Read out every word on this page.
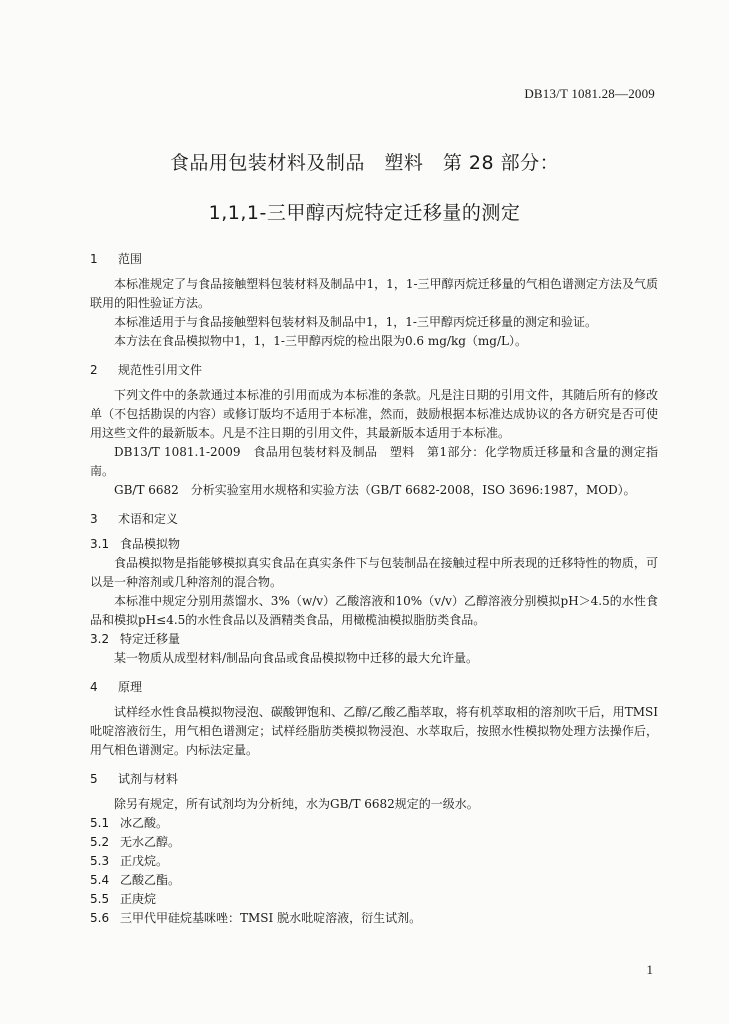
DB13/T 1081.28—2009
食品用包装材料及制品　塑料　第 28 部分：
1,1,1-三甲醇丙烷特定迁移量的测定
1	范围

本标准规定了与食品接触塑料包装材料及制品中1，1，1-三甲醇丙烷迁移量的气相色谱测定方法及气质联用的阳性验证方法。

本标准适用于与食品接触塑料包装材料及制品中1，1，1-三甲醇丙烷迁移量的测定和验证。

本方法在食品模拟物中1，1，1-三甲醇丙烷的检出限为0.6 mg/kg（mg/L）。

2	规范性引用文件

下列文件中的条款通过本标准的引用而成为本标准的条款。凡是注日期的引用文件，其随后所有的修改单（不包括勘误的内容）或修订版均不适用于本标准，然而，鼓励根据本标准达成协议的各方研究是否可使用这些文件的最新版本。凡是不注日期的引用文件，其最新版本适用于本标准。

DB13/T 1081.1-2009　食品用包装材料及制品　塑料　第1部分：化学物质迁移量和含量的测定指南。

GB/T 6682　分析实验室用水规格和实验方法（GB/T 6682-2008，ISO 3696:1987，MOD）。

3	术语和定义
3.1 食品模拟物

食品模拟物是指能够模拟真实食品在真实条件下与包装制品在接触过程中所表现的迁移特性的物质，可以是一种溶剂或几种溶剂的混合物。

本标准中规定分别用蒸馏水、3%（w/v）乙酸溶液和10%（v/v）乙醇溶液分别模拟pH＞4.5的水性食品和模拟pH≤4.5的水性食品以及酒精类食品，用橄榄油模拟脂肪类食品。

3.2 特定迁移量

某一物质从成型材料/制品向食品或食品模拟物中迁移的最大允许量。

4	原理

试样经水性食品模拟物浸泡、碳酸钾饱和、乙醇/乙酸乙酯萃取，将有机萃取相的溶剂吹干后，用TMSI吡啶溶液衍生，用气相色谱测定；试样经脂肪类模拟物浸泡、水萃取后，按照水性模拟物处理方法操作后，用气相色谱测定。内标法定量。

5	试剂与材料

除另有规定，所有试剂均为分析纯，水为GB/T 6682规定的一级水。

5.1 冰乙酸。
5.2 无水乙醇。
5.3 正戊烷。
5.4 乙酸乙酯。
5.5 正庚烷
5.6 三甲代甲硅烷基咪唑：TMSI 脱水吡啶溶液，衍生试剂。
1
